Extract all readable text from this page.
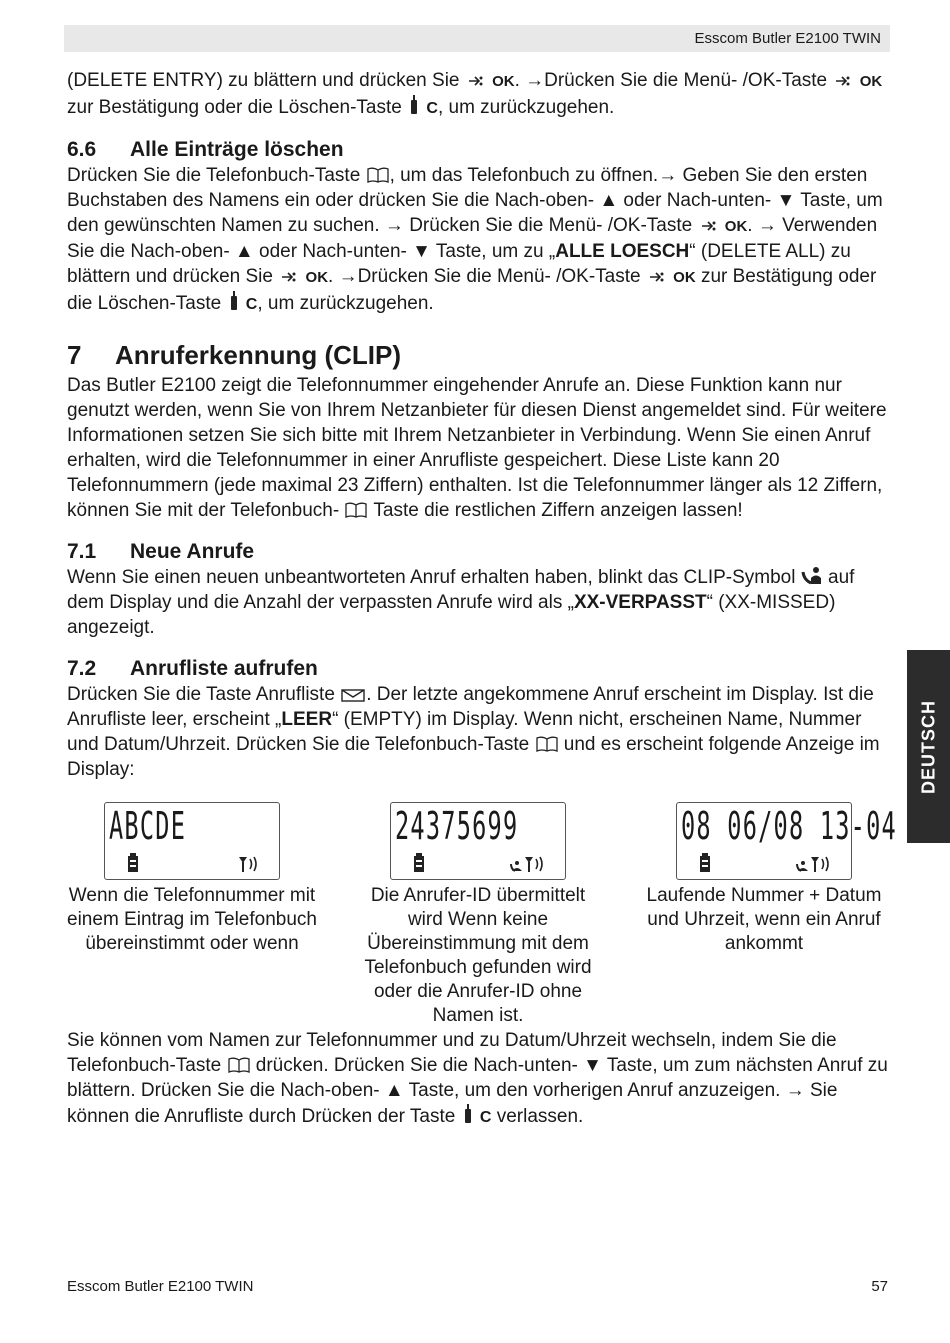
Esscom Butler E2100 TWIN

(DELETE ENTRY) zu blättern und drücken Sie OK. →Drücken Sie die Menü- /OK-Taste OK zur Bestätigung oder die Löschen-Taste C, um zurückzugehen.

6.6 Alle Einträge löschen

Drücken Sie die Telefonbuch-Taste , um das Telefonbuch zu öffnen.→ Geben Sie den ersten Buchstaben des Namens ein oder drücken Sie die Nach-oben- ▲ oder Nach-unten- ▼ Taste, um den gewünschten Namen zu suchen. → Drücken Sie die Menü- /OK-Taste OK. → Verwenden Sie die Nach-oben- ▲ oder Nach-unten- ▼ Taste, um zu „ALLE LOESCH“ (DELETE ALL) zu blättern und drücken Sie OK. →Drücken Sie die Menü- /OK-Taste OK zur Bestätigung oder die Löschen-Taste C, um zurückzugehen.

7 Anruferkennung (CLIP)

Das Butler E2100 zeigt die Telefonnummer eingehender Anrufe an. Diese Funktion kann nur genutzt werden, wenn Sie von Ihrem Netzanbieter für diesen Dienst angemeldet sind. Für weitere Informationen setzen Sie sich bitte mit Ihrem Netzanbieter in Verbindung. Wenn Sie einen Anruf erhalten, wird die Telefonnummer in einer Anrufliste gespeichert. Diese Liste kann 20 Telefonnummern (jede maximal 23 Ziffern) enthalten. Ist die Telefonnummer länger als 12 Ziffern, können Sie mit der Telefonbuch-  Taste die restlichen Ziffern anzeigen lassen!

7.1 Neue Anrufe

Wenn Sie einen neuen unbeantworteten Anruf erhalten haben, blinkt das CLIP-Symbol  auf dem Display und die Anzahl der verpassten Anrufe wird als „XX-VERPASST“ (XX-MISSED) angezeigt.

7.2 Anrufliste aufrufen

Drücken Sie die Taste Anrufliste . Der letzte angekommene Anruf erscheint im Display. Ist die Anrufliste leer, erscheint „LEER“ (EMPTY) im Display. Wenn nicht, erscheinen Name, Nummer und Datum/Uhrzeit. Drücken Sie die Telefonbuch-Taste  und es erscheint folgende Anzeige im Display:

ABCDE
Wenn die Telefonnummer mit einem Eintrag im Telefonbuch übereinstimmt oder wenn
24375699
Die Anrufer-ID übermittelt wird Wenn keine Übereinstimmung mit dem Telefonbuch gefunden wird oder die Anrufer-ID ohne Namen ist.
08 06/08 13-04
Laufende Nummer + Datum und Uhrzeit, wenn ein Anruf ankommt

Sie können vom Namen zur Telefonnummer und zu Datum/Uhrzeit wechseln, indem Sie die Telefonbuch-Taste  drücken. Drücken Sie die Nach-unten- ▼ Taste, um zum nächsten Anruf zu blättern. Drücken Sie die Nach-oben- ▲ Taste, um den vorherigen Anruf anzuzeigen. → Sie können die Anrufliste durch Drücken der Taste C verlassen.

DEUTSCH
Esscom Butler E2100 TWIN	57
